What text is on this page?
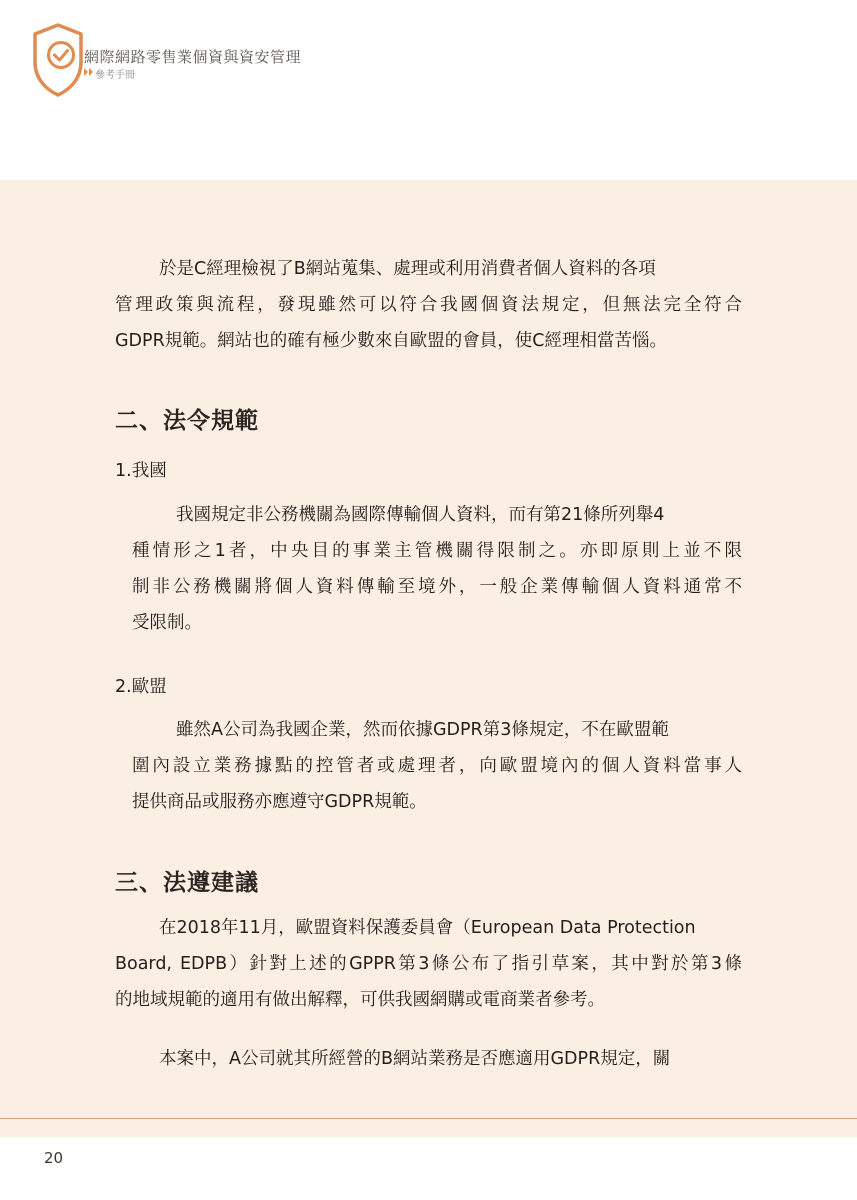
網際網路零售業個資與資安管理
參考手冊
於是C經理檢視了B網站蒐集、處理或利用消費者個人資料的各項
管理政策與流程，發現雖然可以符合我國個資法規定，但無法完全符合
GDPR規範。網站也的確有極少數來自歐盟的會員，使C經理相當苦惱。
二、法令規範
1.我國
我國規定非公務機關為國際傳輸個人資料，而有第21條所列舉4
種情形之1者，中央目的事業主管機關得限制之。亦即原則上並不限
制非公務機關將個人資料傳輸至境外，一般企業傳輸個人資料通常不
受限制。
2.歐盟
雖然A公司為我國企業，然而依據GDPR第3條規定，不在歐盟範
圍內設立業務據點的控管者或處理者，向歐盟境內的個人資料當事人
提供商品或服務亦應遵守GDPR規範。
三、法遵建議
在2018年11月，歐盟資料保護委員會（European Data Protection
Board, EDPB）針對上述的GPPR第3條公布了指引草案，其中對於第3條
的地域規範的適用有做出解釋，可供我國網購或電商業者參考。
本案中，A公司就其所經營的B網站業務是否應適用GDPR規定，關
20
